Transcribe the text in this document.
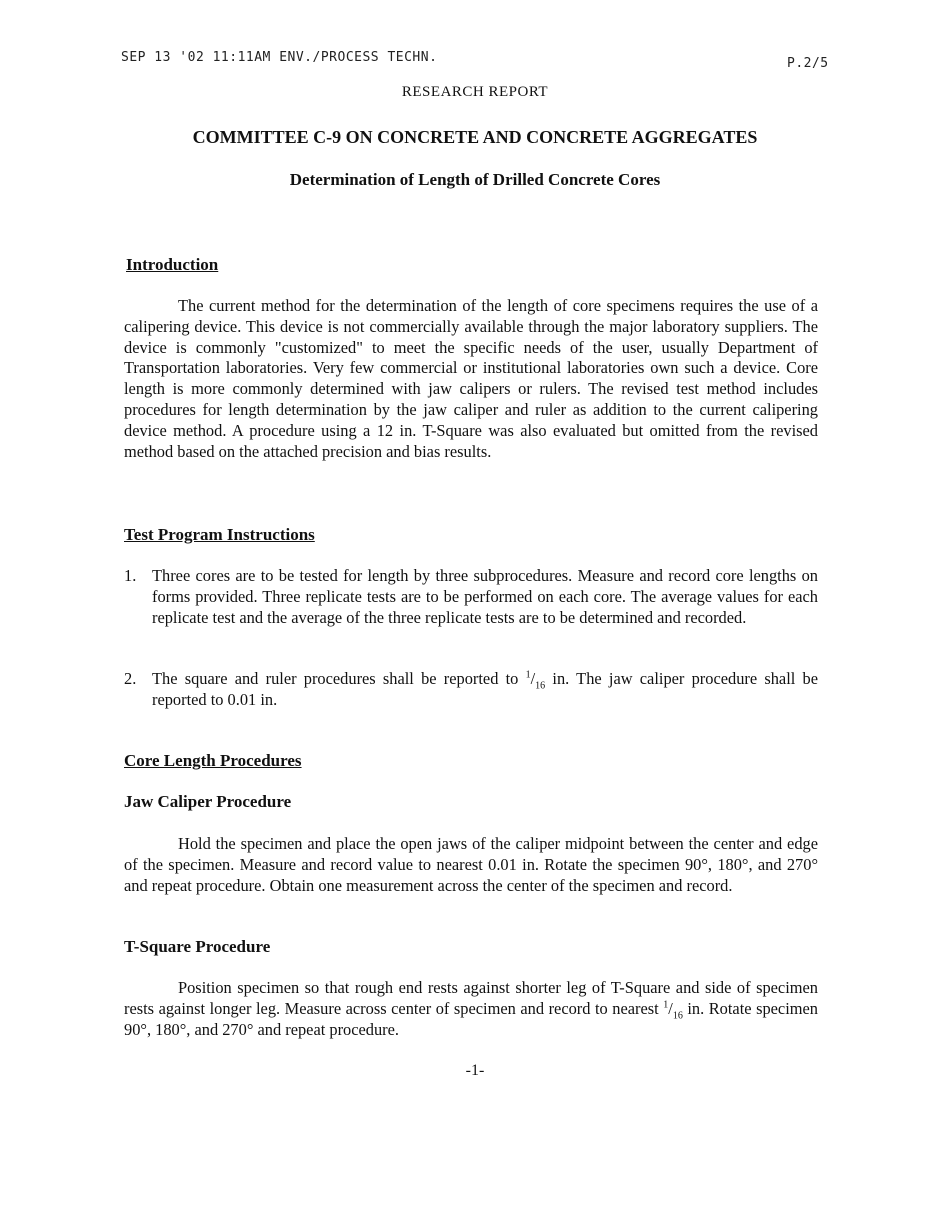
SEP 13 '02 11:11AM ENV./PROCESS TECHN.	P.2/5
RESEARCH REPORT
COMMITTEE C-9 ON CONCRETE AND CONCRETE AGGREGATES
Determination of Length of Drilled Concrete Cores
Introduction

The current method for the determination of the length of core specimens requires the use of a calipering device. This device is not commercially available through the major laboratory suppliers. The device is commonly "customized" to meet the specific needs of the user, usually Department of Transportation laboratories. Very few commercial or institutional laboratories own such a device. Core length is more commonly determined with jaw calipers or rulers. The revised test method includes procedures for length determination by the jaw caliper and ruler as addition to the current calipering device method. A procedure using a 12 in. T-Square was also evaluated but omitted from the revised method based on the attached precision and bias results.

Test Program Instructions
1. Three cores are to be tested for length by three subprocedures. Measure and record core lengths on forms provided. Three replicate tests are to be performed on each core. The average values for each replicate test and the average of the three replicate tests are to be determined and recorded.
2. The square and ruler procedures shall be reported to $^1/_{16}$ in. The jaw caliper procedure shall be reported to 0.01 in.
Core Length Procedures
Jaw Caliper Procedure

Hold the specimen and place the open jaws of the caliper midpoint between the center and edge of the specimen. Measure and record value to nearest 0.01 in. Rotate the specimen 90°, 180°, and 270° and repeat procedure. Obtain one measurement across the center of the specimen and record.

T-Square Procedure

Position specimen so that rough end rests against shorter leg of T-Square and side of specimen rests against longer leg. Measure across center of specimen and record to nearest $^1/_{16}$ in. Rotate specimen 90°, 180°, and 270° and repeat procedure.

-1-
